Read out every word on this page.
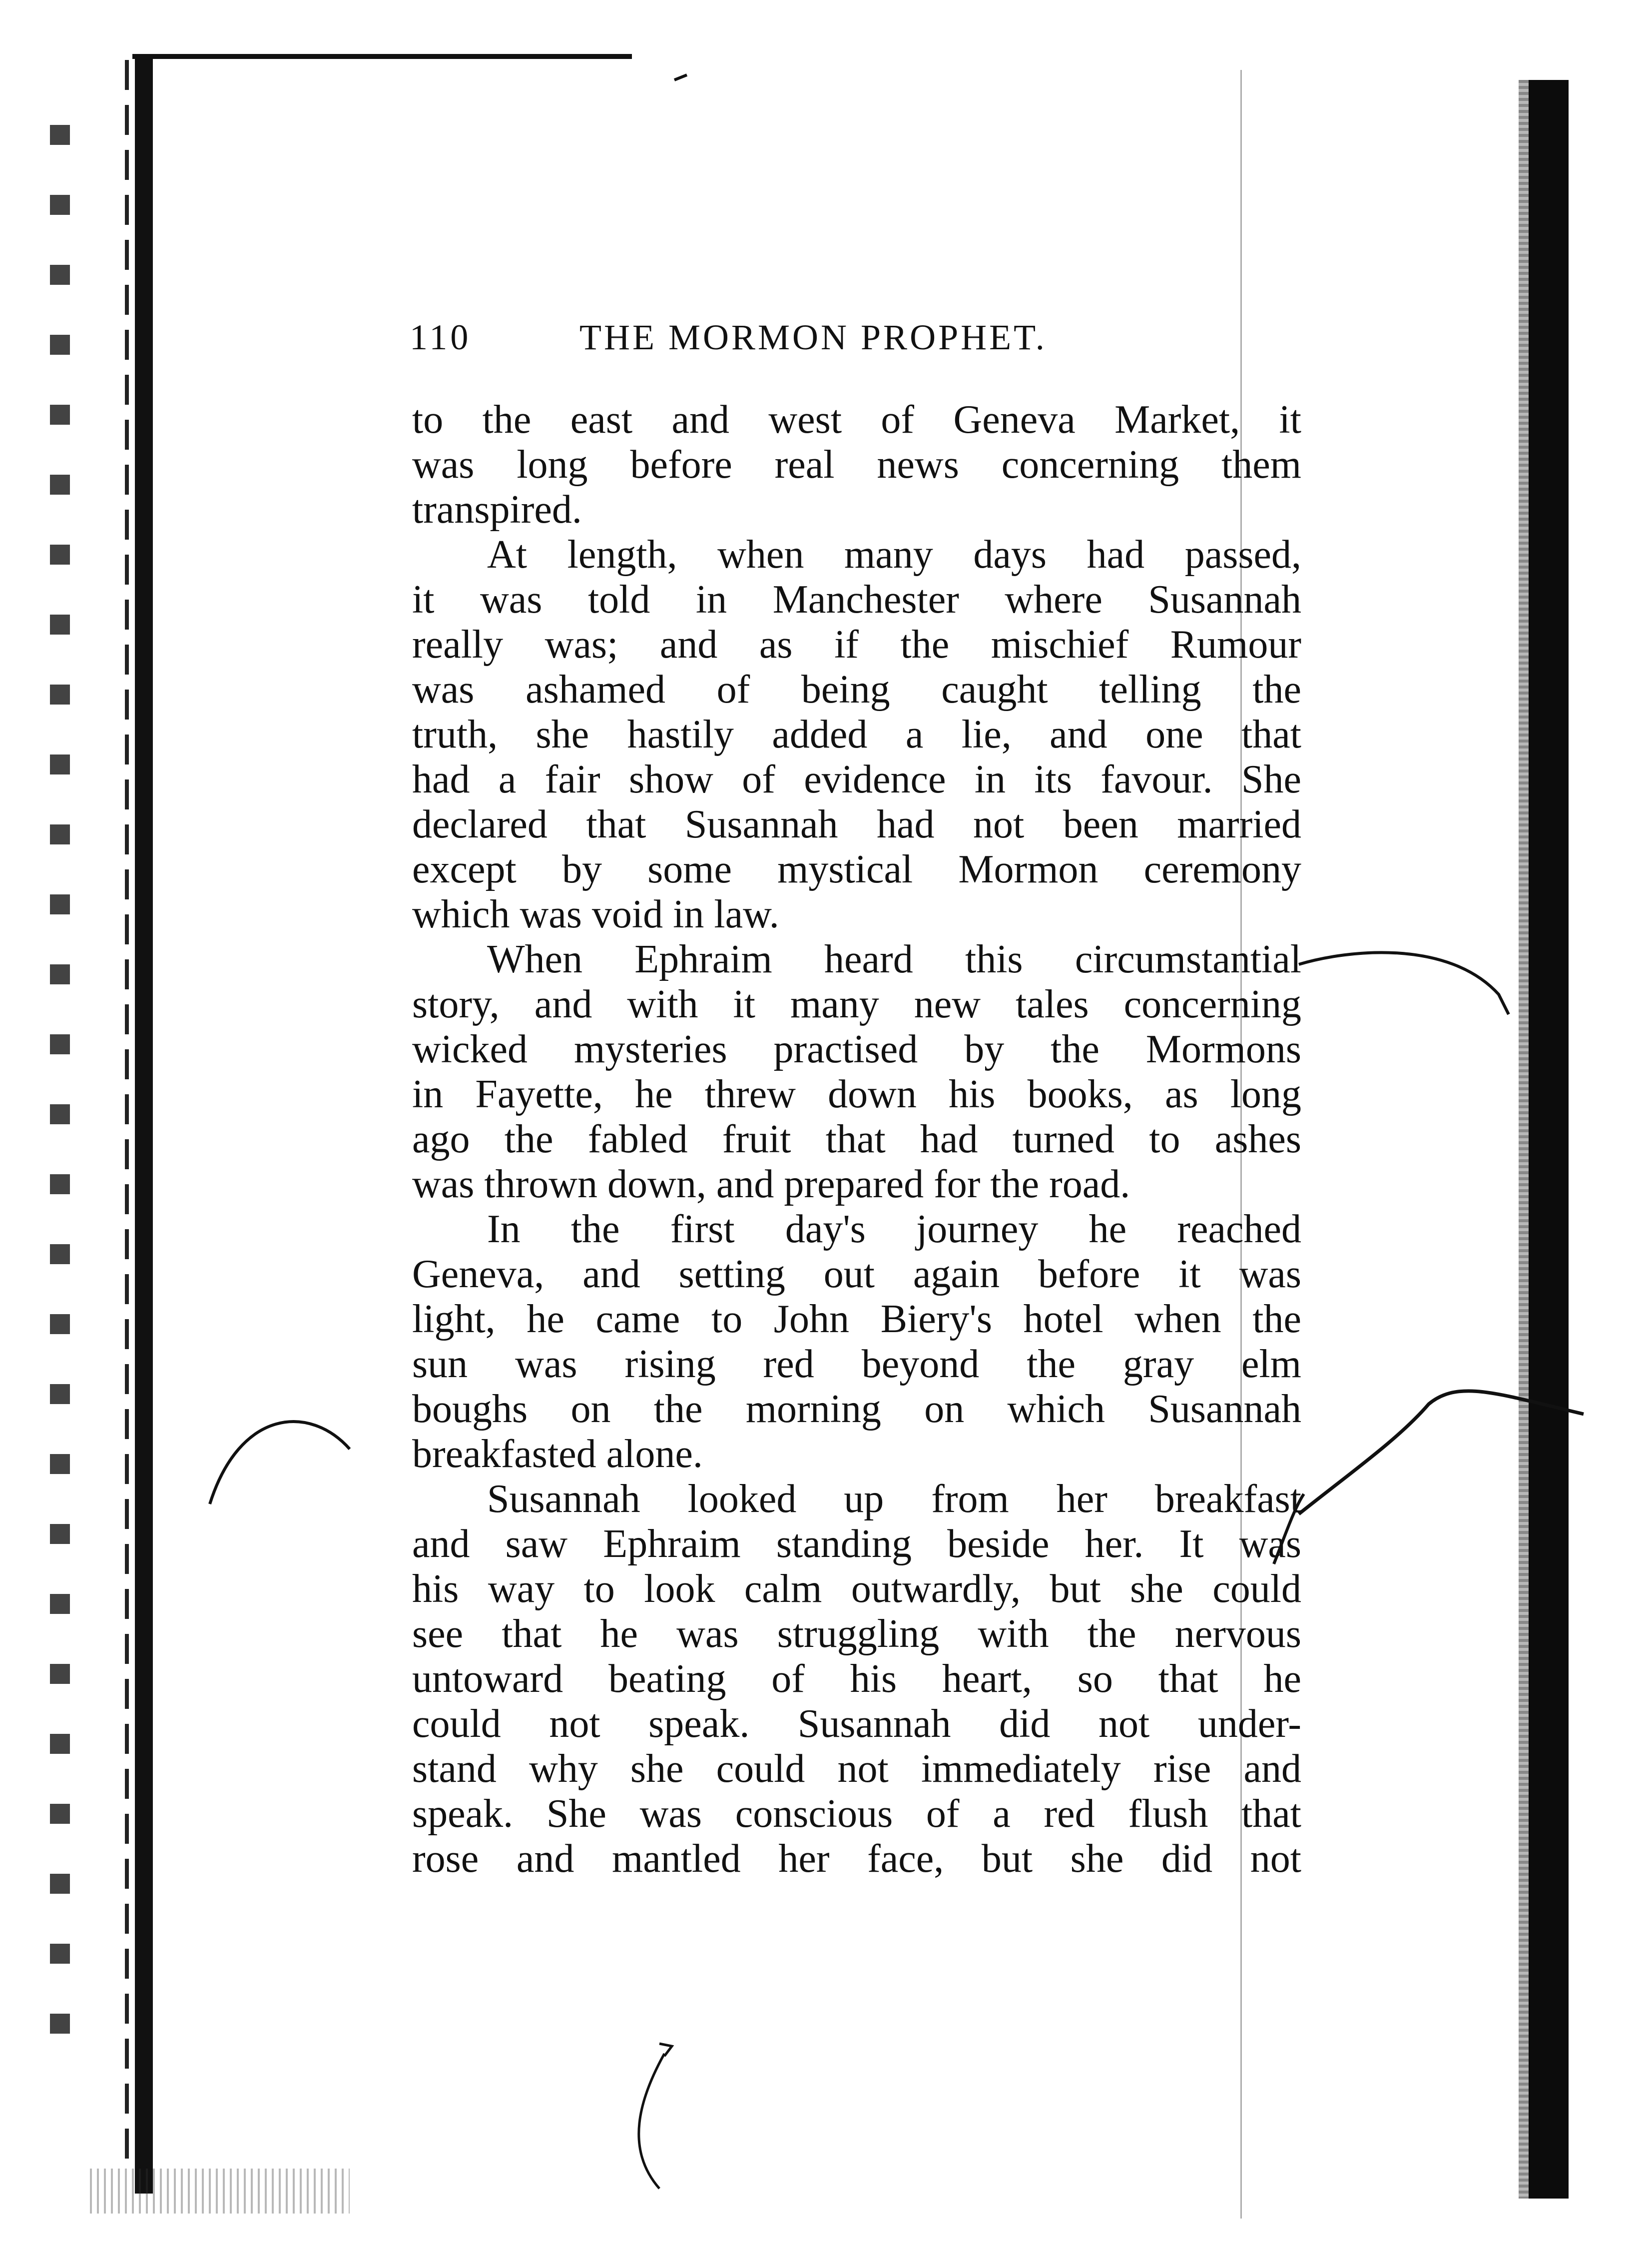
110	THE MORMON PROPHET.
to the east and west of Geneva Market, it
was long before real news concerning them
transpired.
At length, when many days had passed,
it was told in Manchester where Susannah
really was; and as if the mischief Rumour
was ashamed of being caught telling the
truth, she hastily added a lie, and one that
had a fair show of evidence in its favour. She
declared that Susannah had not been married
except by some mystical Mormon ceremony
which was void in law.
When Ephraim heard this circumstantial
story, and with it many new tales concerning
wicked mysteries practised by the Mormons
in Fayette, he threw down his books, as long
ago the fabled fruit that had turned to ashes
was thrown down, and prepared for the road.
In the first day's journey he reached
Geneva, and setting out again before it was
light, he came to John Biery's hotel when the
sun was rising red beyond the gray elm
boughs on the morning on which Susannah
breakfasted alone.
Susannah looked up from her breakfast
and saw Ephraim standing beside her. It was
his way to look calm outwardly, but she could
see that he was struggling with the nervous
untoward beating of his heart, so that he
could not speak. Susannah did not under-
stand why she could not immediately rise and
speak. She was conscious of a red flush that
rose and mantled her face, but she did not
